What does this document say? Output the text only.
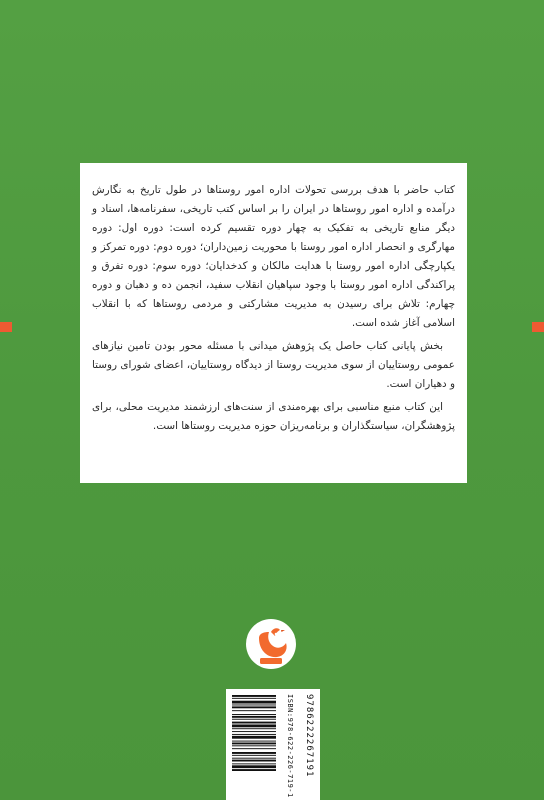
کتاب حاضر با هدف بررسی تحولات اداره امور روستاها در طول تاریخ به نگارش درآمده و اداره امور روستاها در ایران را بر اساس کتب تاریخی، سفرنامه‌ها، اسناد و دیگر منابع تاریخی به تفکیک به چهار دوره تقسیم کرده است: دوره اول: دوره مهارگری و انحصار اداره امور روستا با محوریت زمین‌داران؛ دوره دوم: دوره تمرکز و یکپارچگی اداره امور روستا با هدایت مالکان و کدخدایان؛ دوره سوم: دوره تفرق و پراکندگی اداره امور روستا با وجود سپاهیان انقلاب سفید، انجمن ده و دهبان و دوره چهارم: تلاش برای رسیدن به مدیریت مشارکتی و مردمی روستاها که با انقلاب اسلامی آغاز شده است.

بخش پایانی کتاب حاصل یک پژوهش میدانی با مسئله محور بودن تامین نیازهای عمومی روستاییان از سوی مدیریت روستا از دیدگاه روستاییان، اعضای شورای روستا و دهیاران است.

این کتاب منبع مناسبی برای بهره‌مندی از سنت‌های ارزشمند مدیریت محلی، برای پژوهشگران، سیاستگذاران و برنامه‌ریزان حوزه مدیریت روستاها است.

ISBN:978-622-226-719-1	9786222267191
